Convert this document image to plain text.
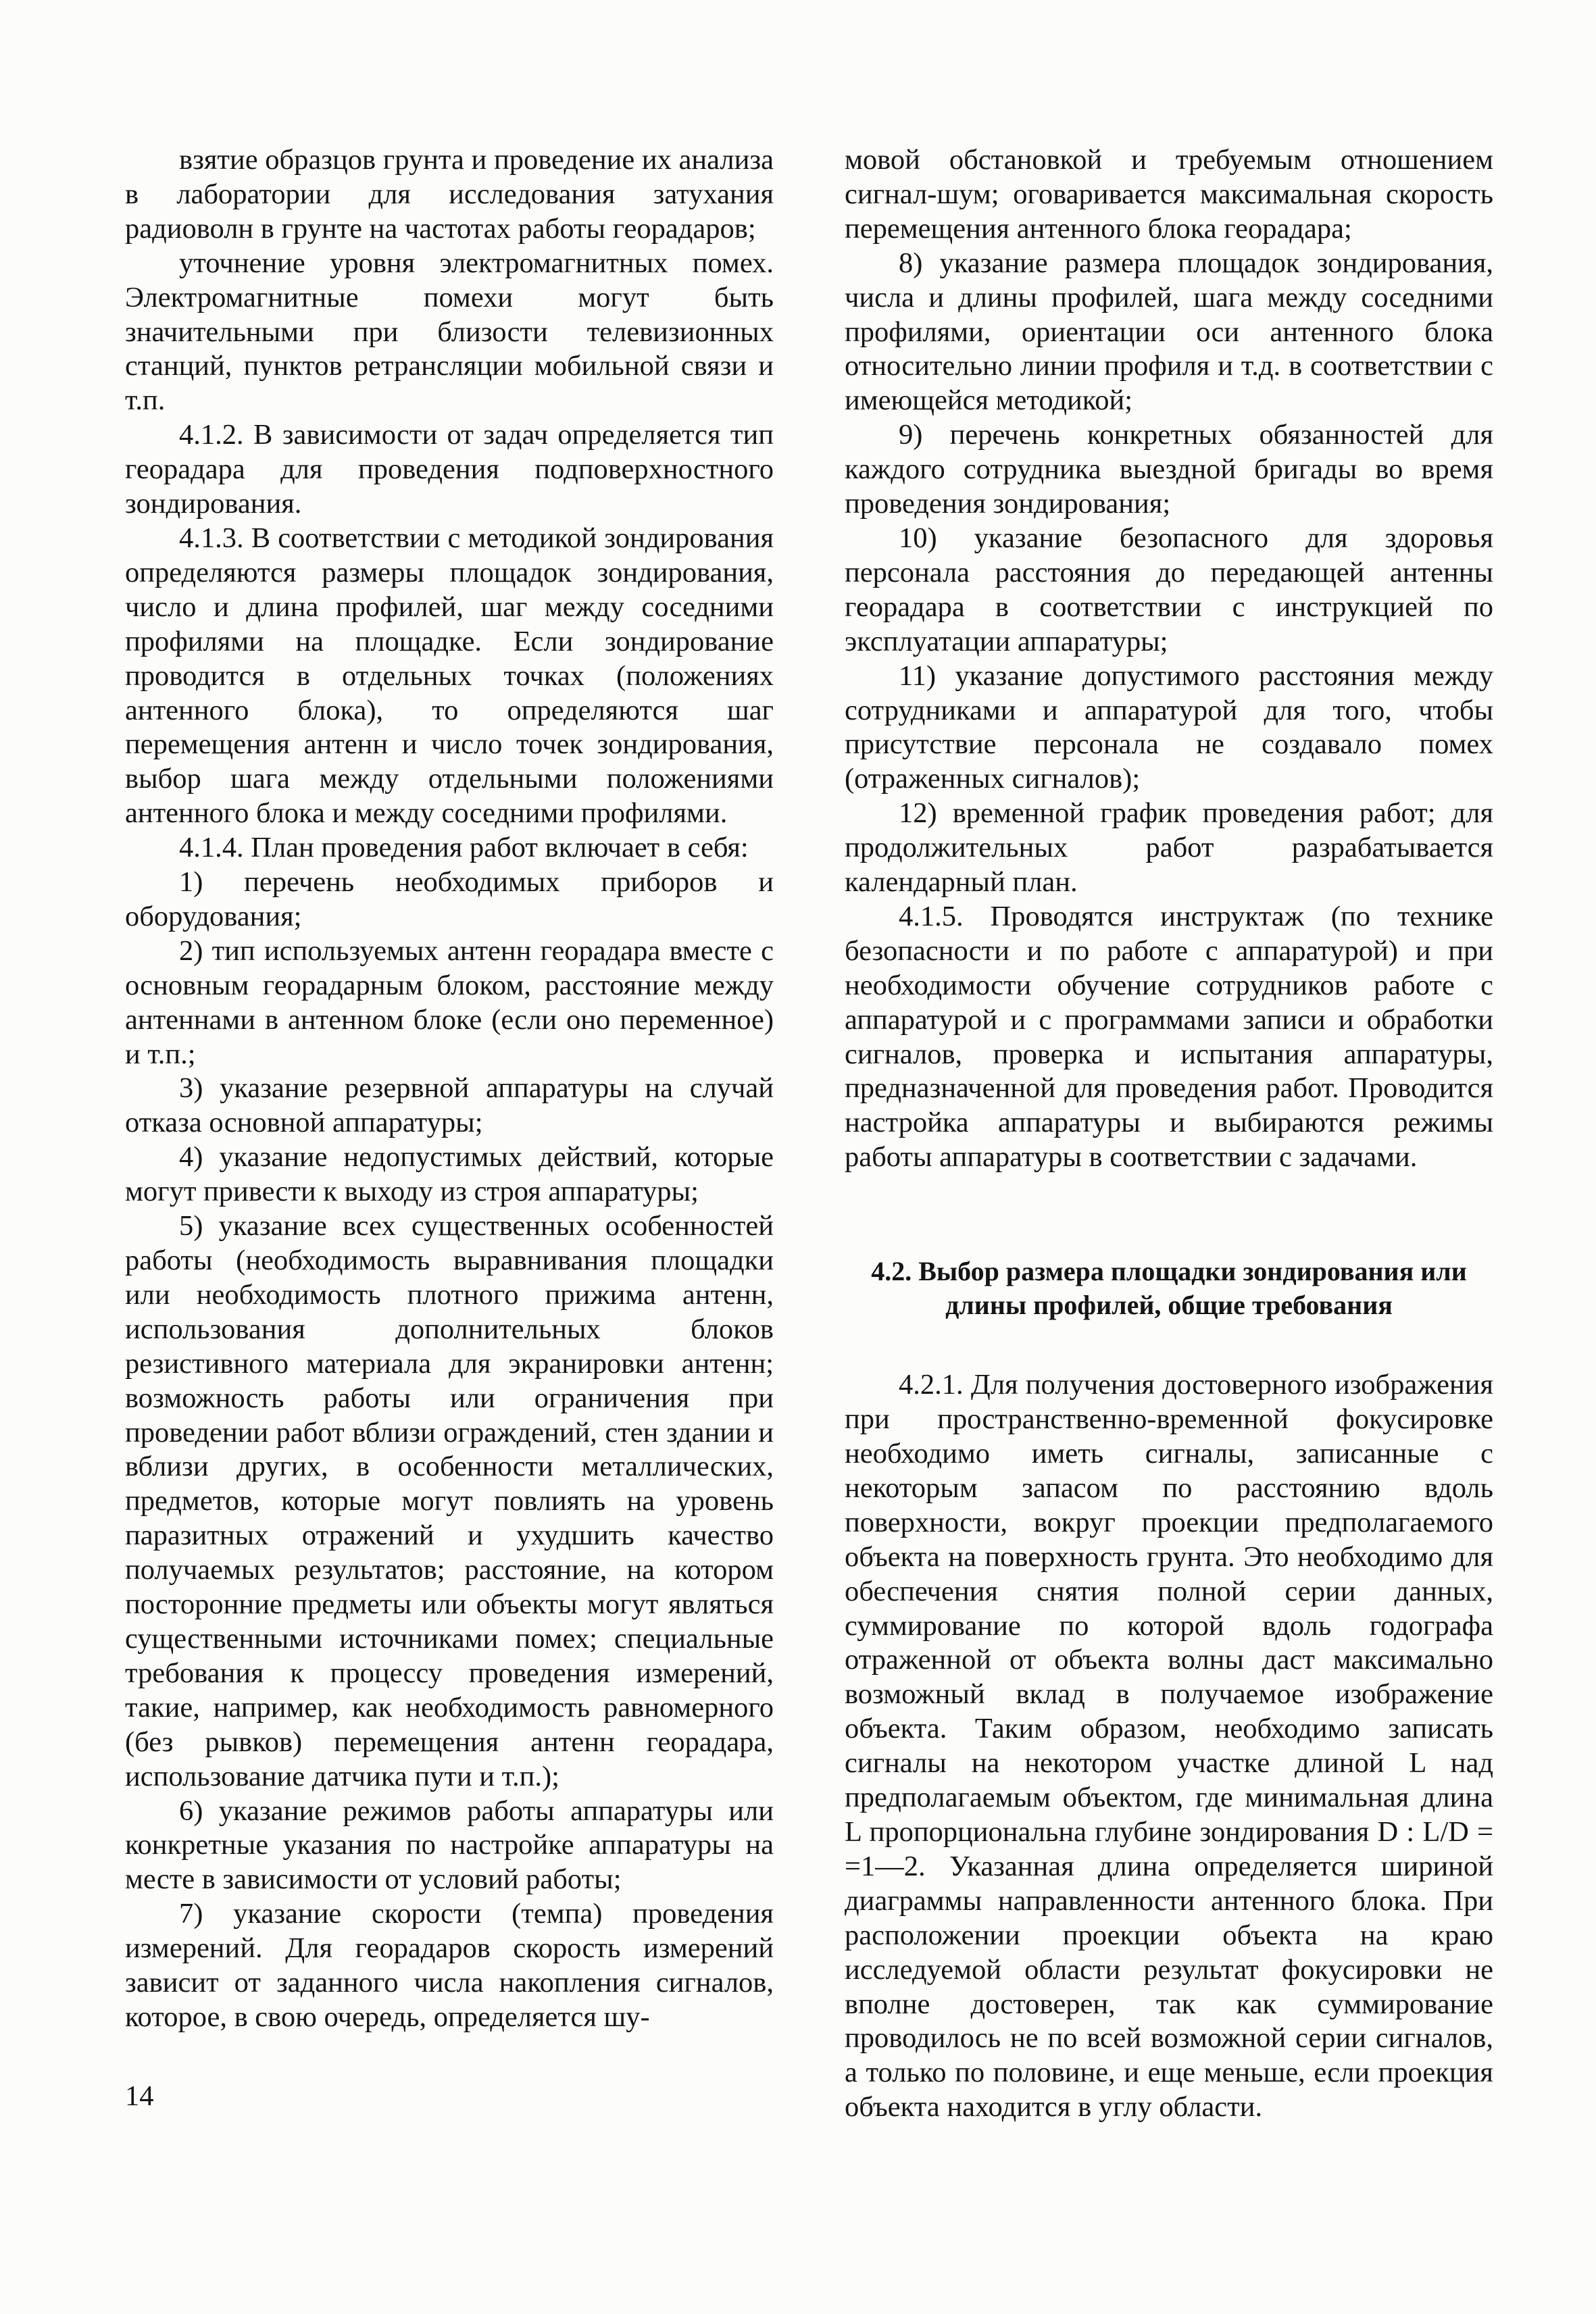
взятие образцов грунта и проведение их анализа в лаборатории для исследования затухания радиоволн в грунте на частотах работы георадаров;

уточнение уровня электромагнитных помех. Электромагнитные помехи могут быть значительными при близости телевизионных станций, пунктов ретрансляции мобильной связи и т.п.

4.1.2. В зависимости от задач определяется тип георадара для проведения подповерхностного зондирования.

4.1.3. В соответствии с методикой зондирования определяются размеры площадок зондирования, число и длина профилей, шаг между соседними профилями на площадке. Если зондирование проводится в отдельных точках (положениях антенного блока), то определяются шаг перемещения антенн и число точек зондирования, выбор шага между отдельными положениями антенного блока и между соседними профилями.

4.1.4. План проведения работ включает в себя:

1) перечень необходимых приборов и оборудования;

2) тип используемых антенн георадара вместе с основным георадарным блоком, расстояние между антеннами в антенном блоке (если оно переменное) и т.п.;

3) указание резервной аппаратуры на случай отказа основной аппаратуры;

4) указание недопустимых действий, которые могут привести к выходу из строя аппаратуры;

5) указание всех существенных особенностей работы (необходимость выравнивания площадки или необходимость плотного прижима антенн, использования дополнительных блоков резистивного материала для экранировки антенн; возможность работы или ограничения при проведении работ вблизи ограждений, стен здании и вблизи других, в особенности металлических, предметов, которые могут повлиять на уровень паразитных отражений и ухудшить качество получаемых результатов; расстояние, на котором посторонние предметы или объекты могут являться существенными источниками помех; специальные требования к процессу проведения измерений, такие, например, как необходимость равномерного (без рывков) перемещения антенн георадара, использование датчика пути и т.п.);

6) указание режимов работы аппаратуры или конкретные указания по настройке аппаратуры на месте в зависимости от условий работы;

7) указание скорости (темпа) проведения измерений. Для георадаров скорость измерений зависит от заданного числа накопления сигналов, которое, в свою очередь, определяется шу-

мовой обстановкой и требуемым отношением сигнал-шум; оговаривается максимальная скорость перемещения антенного блока георадара;

8) указание размера площадок зондирования, числа и длины профилей, шага между соседними профилями, ориентации оси антенного блока относительно линии профиля и т.д. в соответствии с имеющейся методикой;

9) перечень конкретных обязанностей для каждого сотрудника выездной бригады во время проведения зондирования;

10) указание безопасного для здоровья персонала расстояния до передающей антенны георадара в соответствии с инструкцией по эксплуатации аппаратуры;

11) указание допустимого расстояния между сотрудниками и аппаратурой для того, чтобы присутствие персонала не создавало помех (отраженных сигналов);

12) временной график проведения работ; для продолжительных работ разрабатывается календарный план.

4.1.5. Проводятся инструктаж (по технике безопасности и по работе с аппаратурой) и при необходимости обучение сотрудников работе с аппаратурой и с программами записи и обработки сигналов, проверка и испытания аппаратуры, предназначенной для проведения работ. Проводится настройка аппаратуры и выбираются режимы работы аппаратуры в соответствии с задачами.

4.2. Выбор размера площадки зондирования или длины профилей, общие требования

4.2.1. Для получения достоверного изображения при пространственно-временной фокусировке необходимо иметь сигналы, записанные с некоторым запасом по расстоянию вдоль поверхности, вокруг проекции предполагаемого объекта на поверхность грунта. Это необходимо для обеспечения снятия полной серии данных, суммирование по которой вдоль годографа отраженной от объекта волны даст максимально возможный вклад в получаемое изображение объекта. Таким образом, необходимо записать сигналы на некотором участке длиной L над предполагаемым объектом, где минимальная длина L пропорциональна глубине зондирования D : L/D = =1—2. Указанная длина определяется шириной диаграммы направленности антенного блока. При расположении проекции объекта на краю исследуемой области результат фокусировки не вполне достоверен, так как суммирование проводилось не по всей возможной серии сигналов, а только по половине, и еще меньше, если проекция объекта находится в углу области.

14
